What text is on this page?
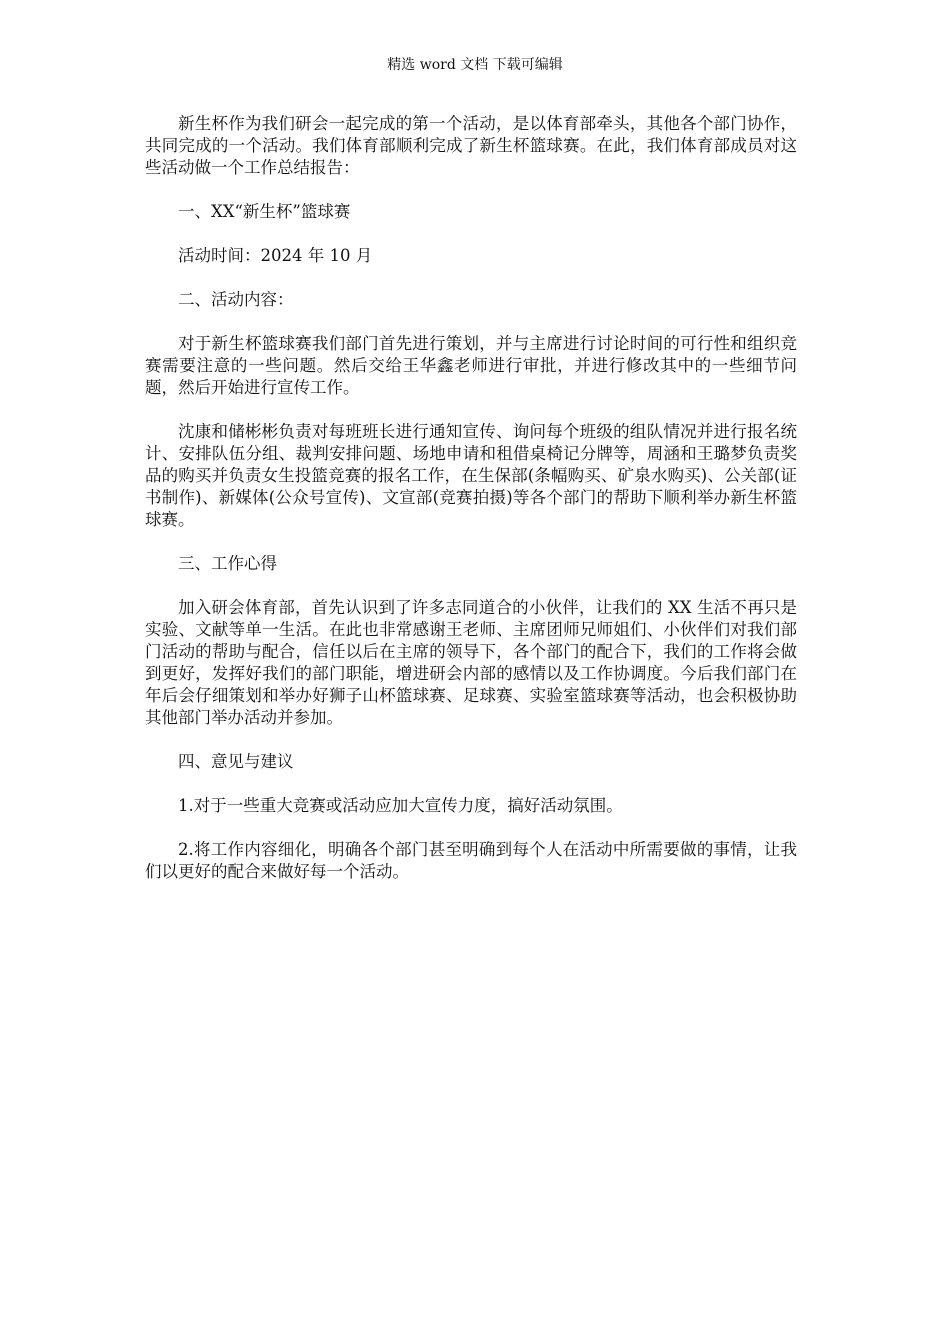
精选 word 文档 下载可编辑

新生杯作为我们研会一起完成的第一个活动，是以体育部牵头，其他各个部门协作，共同完成的一个活动。我们体育部顺利完成了新生杯篮球赛。在此，我们体育部成员对这些活动做一个工作总结报告：

一、XX“新生杯”篮球赛

活动时间：2024 年 10 月

二、活动内容：

对于新生杯篮球赛我们部门首先进行策划，并与主席进行讨论时间的可行性和组织竞赛需要注意的一些问题。然后交给王华鑫老师进行审批，并进行修改其中的一些细节问题，然后开始进行宣传工作。

沈康和储彬彬负责对每班班长进行通知宣传、询问每个班级的组队情况并进行报名统计、安排队伍分组、裁判安排问题、场地申请和租借桌椅记分牌等，周涵和王璐梦负责奖品的购买并负责女生投篮竞赛的报名工作，在生保部(条幅购买、矿泉水购买)、公关部(证书制作)、新媒体(公众号宣传)、文宣部(竞赛拍摄)等各个部门的帮助下顺利举办新生杯篮球赛。

三、工作心得

加入研会体育部，首先认识到了许多志同道合的小伙伴，让我们的 XX 生活不再只是实验、文献等单一生活。在此也非常感谢王老师、主席团师兄师姐们、小伙伴们对我们部门活动的帮助与配合，信任以后在主席的领导下，各个部门的配合下，我们的工作将会做到更好，发挥好我们的部门职能，增进研会内部的感情以及工作协调度。今后我们部门在年后会仔细策划和举办好狮子山杯篮球赛、足球赛、实验室篮球赛等活动，也会积极协助其他部门举办活动并参加。

四、意见与建议

1.对于一些重大竞赛或活动应加大宣传力度，搞好活动氛围。

2.将工作内容细化，明确各个部门甚至明确到每个人在活动中所需要做的事情，让我们以更好的配合来做好每一个活动。
